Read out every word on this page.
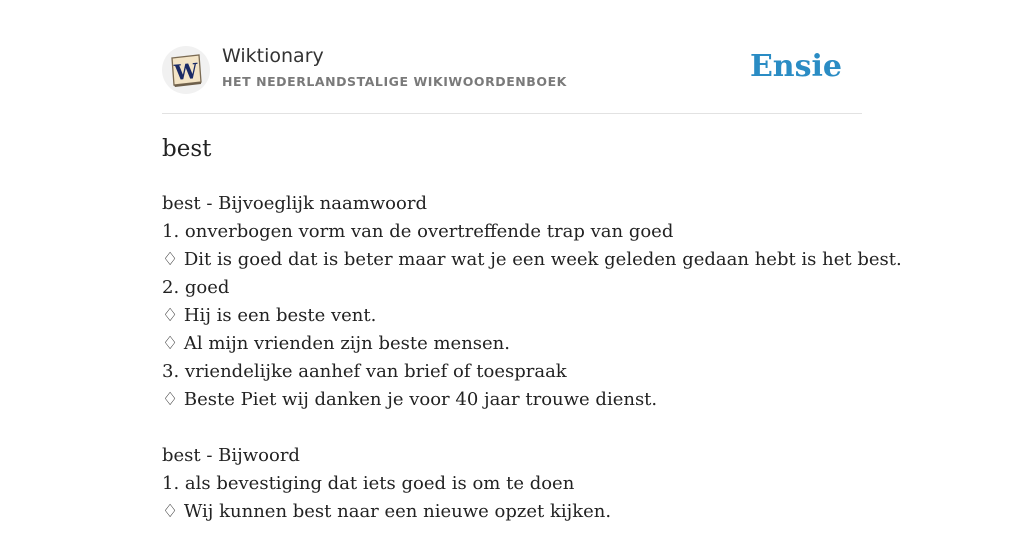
W
Wiktionary
HET NEDERLANDSTALIGE WIKIWOORDENBOEK	Ensie
best
best - Bijvoeglijk naamwoord
1. onverbogen vorm van de overtreffende trap van goed
♢ Dit is goed dat is beter maar wat je een week geleden gedaan hebt is het best.
2. goed
♢ Hij is een beste vent.
♢ Al mijn vrienden zijn beste mensen.
3. vriendelijke aanhef van brief of toespraak
♢ Beste Piet wij danken je voor 40 jaar trouwe dienst.
best - Bijwoord
1. als bevestiging dat iets goed is om te doen
♢ Wij kunnen best naar een nieuwe opzet kijken.
